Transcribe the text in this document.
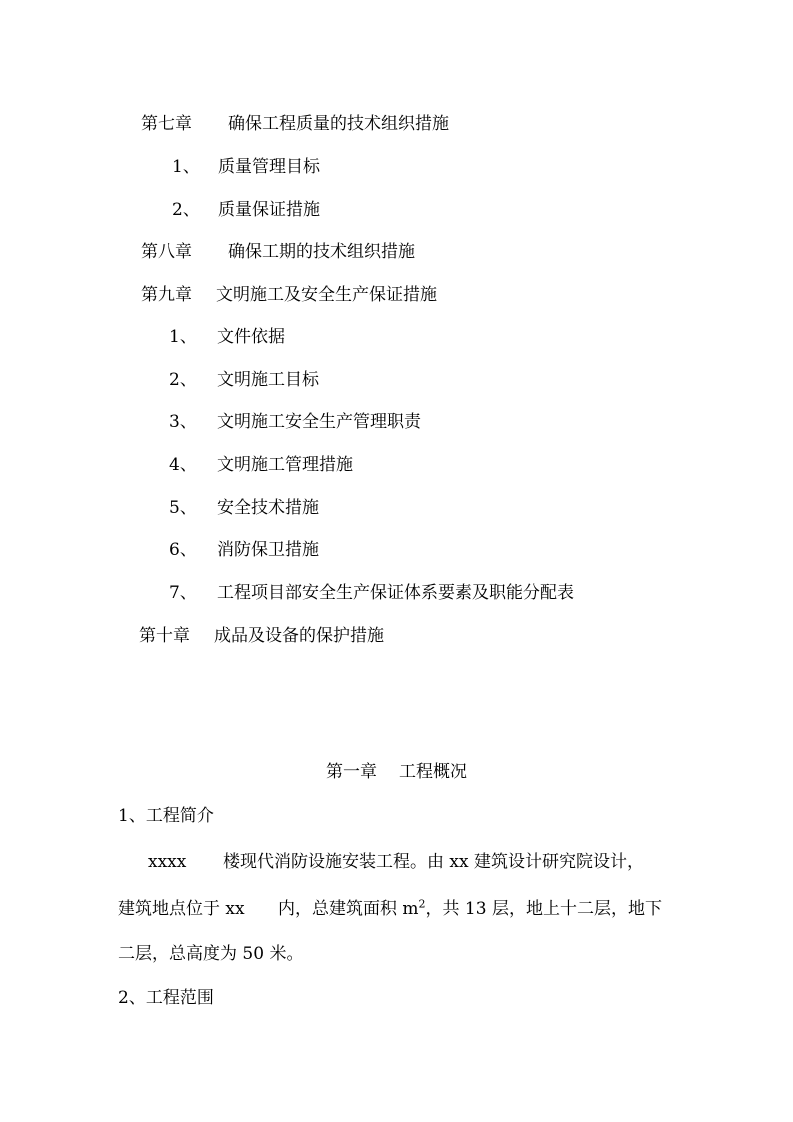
第七章 确保工程质量的技术组织措施
1、 质量管理目标
2、 质量保证措施
第八章 确保工期的技术组织措施
第九章 文明施工及安全生产保证措施
1、 文件依据
2、 文明施工目标
3、 文明施工安全生产管理职责
4、 文明施工管理措施
5、 安全技术措施
6、 消防保卫措施
7、 工程项目部安全生产保证体系要素及职能分配表
第十章 成品及设备的保护措施
第一章 工程概况
1、工程简介
xxxx 楼现代消防设施安装工程。由 xx 建筑设计研究院设计，
建筑地点位于 xx 内，总建筑面积 $m^2$，共 13 层，地上十二层，地下
二层，总高度为 50 米。
2、工程范围
